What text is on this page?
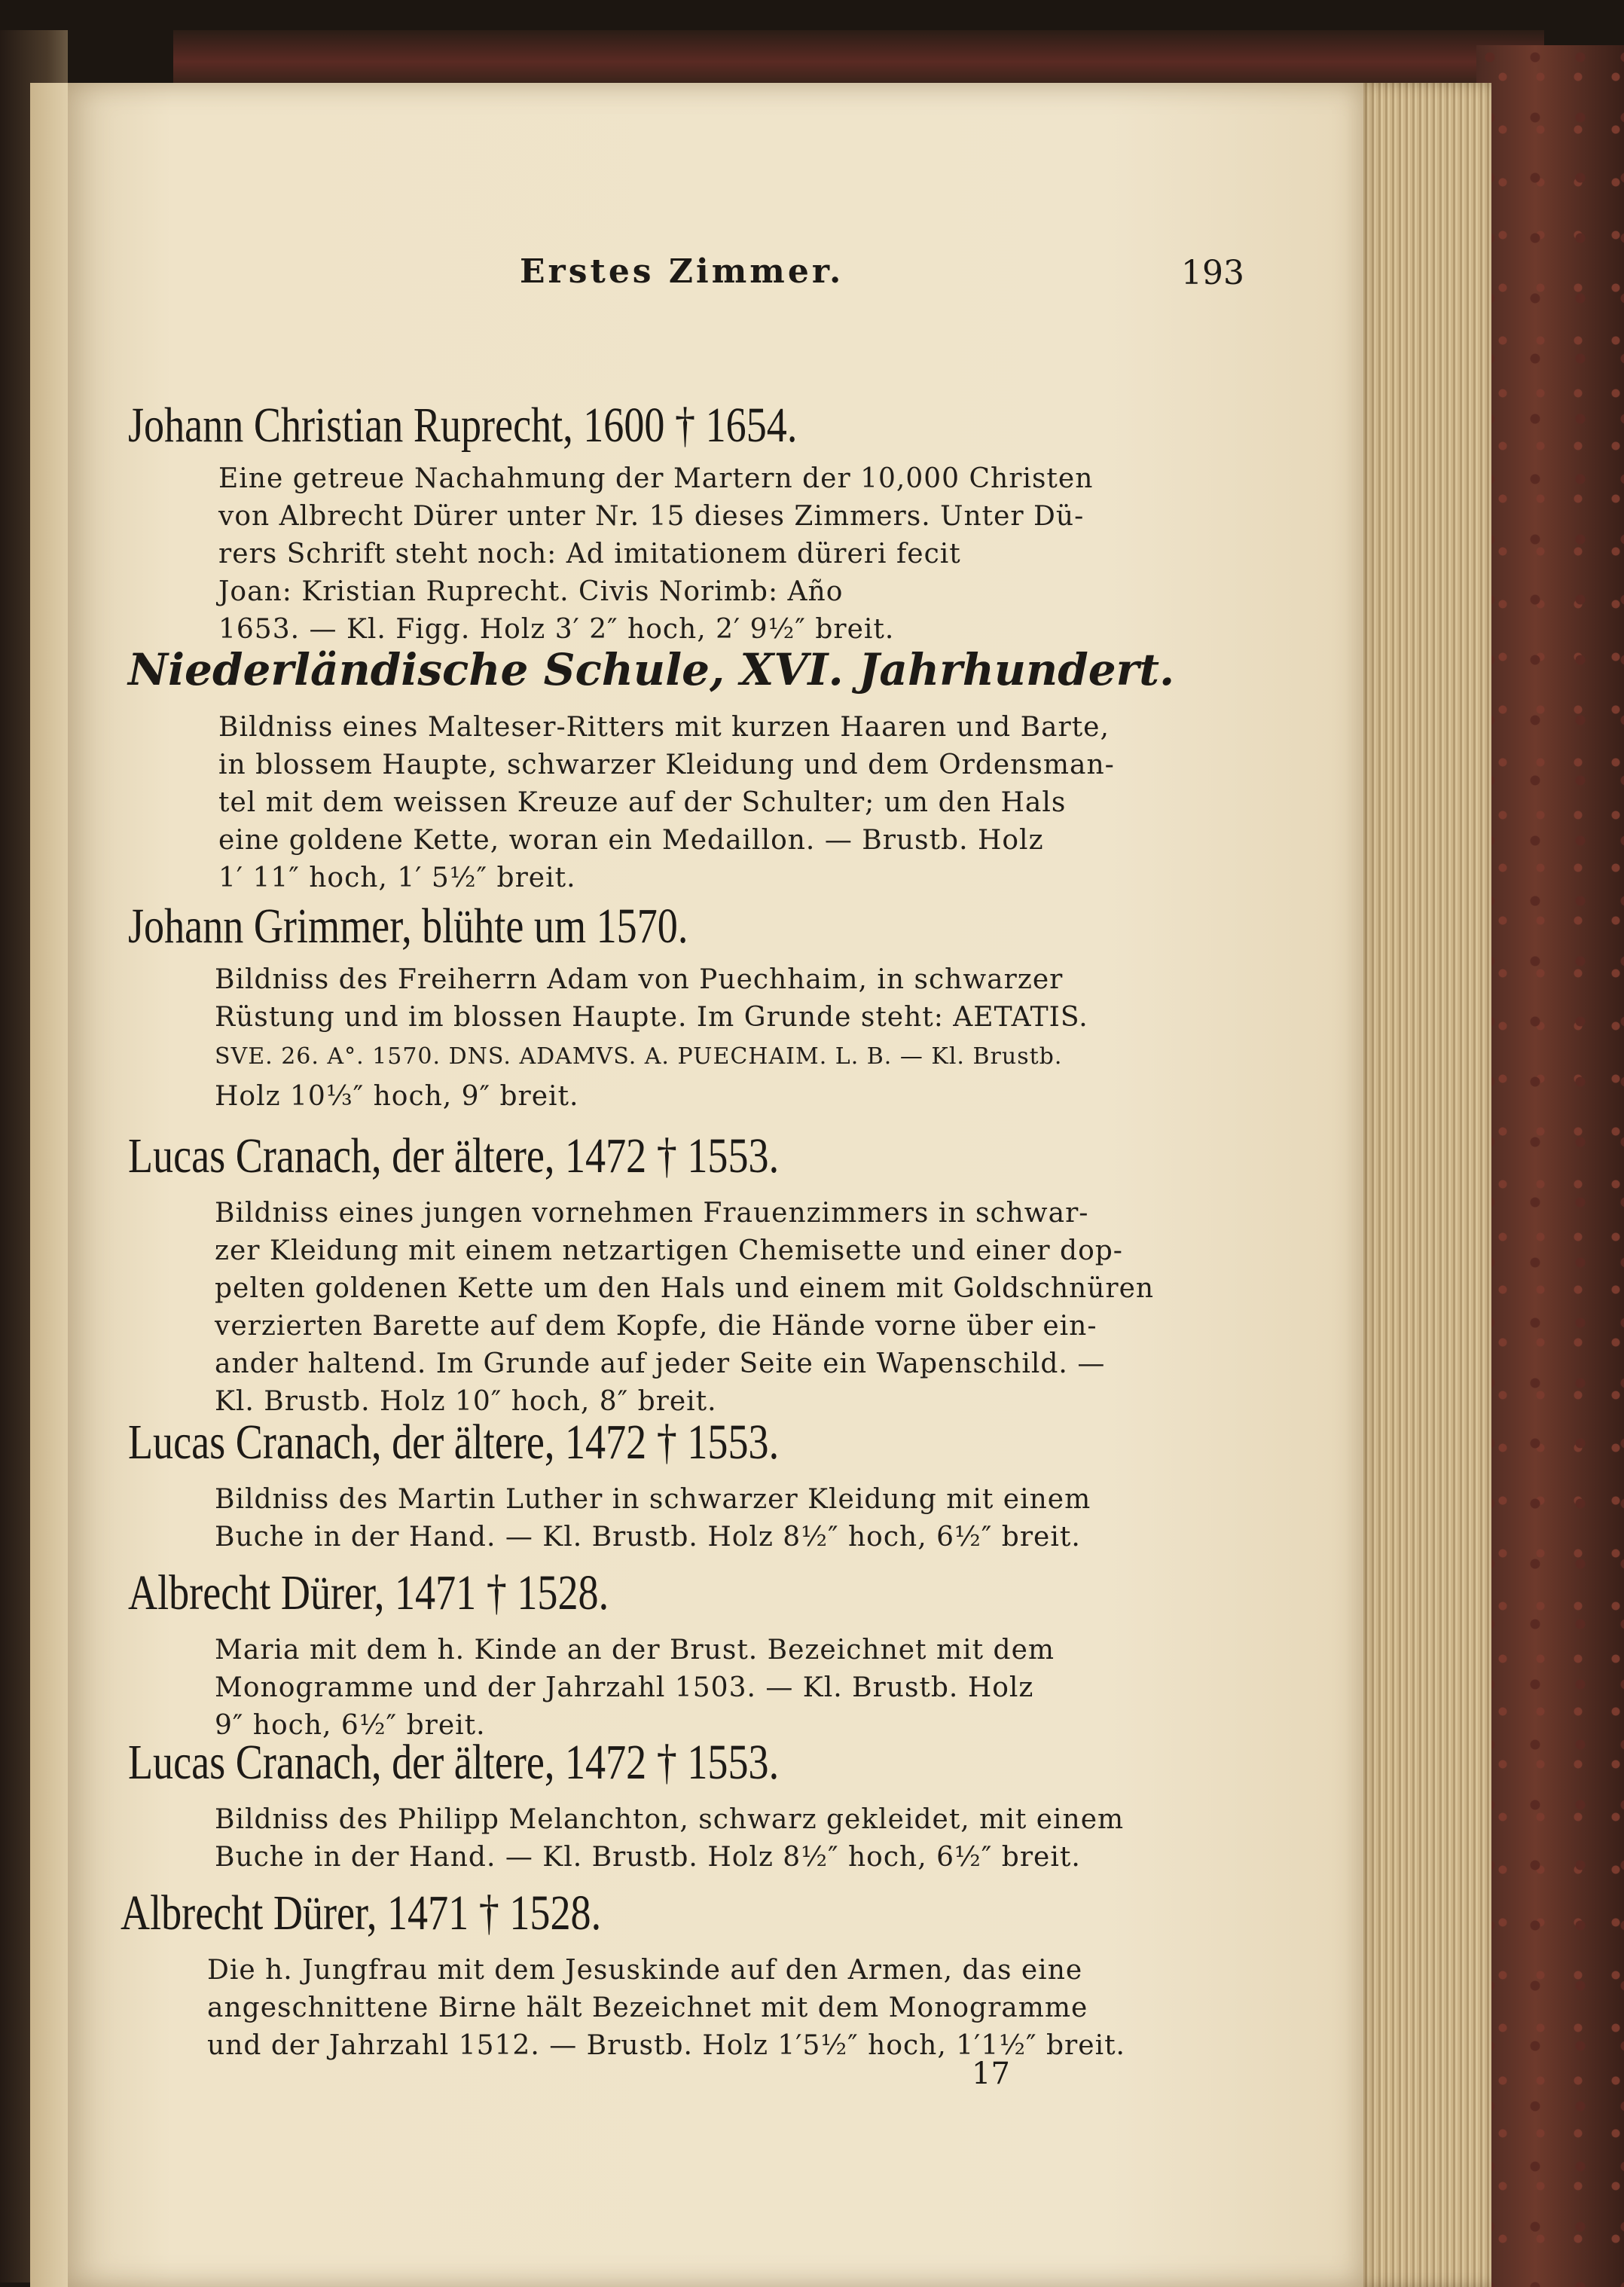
Erstes Zimmer.	193
Johann Christian Ruprecht, 1600 † 1654.
Eine getreue Nachahmung der Martern der 10,000 Christen
von Albrecht Dürer unter Nr. 15 dieses Zimmers. Unter Dü-
rers Schrift steht noch: Ad imitationem düreri fecit
Joan: Kristian Ruprecht. Civis Norimb: Año
1653. — Kl. Figg. Holz 3′ 2″ hoch, 2′ 9½″ breit.
Niederländische Schule, XVI. Jahrhundert.
Bildniss eines Malteser-Ritters mit kurzen Haaren und Barte,
in blossem Haupte, schwarzer Kleidung und dem Ordensman-
tel mit dem weissen Kreuze auf der Schulter; um den Hals
eine goldene Kette, woran ein Medaillon. — Brustb. Holz
1′ 11″ hoch, 1′ 5½″ breit.
Johann Grimmer, blühte um 1570.
Bildniss des Freiherrn Adam von Puechhaim, in schwarzer
Rüstung und im blossen Haupte. Im Grunde steht: AETATIS.
SVE. 26. A°. 1570. DNS. ADAMVS. A. PUECHAIM. L. B. — Kl. Brustb.
Holz 10⅓″ hoch, 9″ breit.
Lucas Cranach, der ältere, 1472 † 1553.
Bildniss eines jungen vornehmen Frauenzimmers in schwar-
zer Kleidung mit einem netzartigen Chemisette und einer dop-
pelten goldenen Kette um den Hals und einem mit Goldschnüren
verzierten Barette auf dem Kopfe, die Hände vorne über ein-
ander haltend. Im Grunde auf jeder Seite ein Wapenschild. —
Kl. Brustb. Holz 10″ hoch, 8″ breit.
Lucas Cranach, der ältere, 1472 † 1553.
Bildniss des Martin Luther in schwarzer Kleidung mit einem
Buche in der Hand. — Kl. Brustb. Holz 8½″ hoch, 6½″ breit.
Albrecht Dürer, 1471 † 1528.
Maria mit dem h. Kinde an der Brust. Bezeichnet mit dem
Monogramme und der Jahrzahl 1503. — Kl. Brustb. Holz
9″ hoch, 6½″ breit.
Lucas Cranach, der ältere, 1472 † 1553.
Bildniss des Philipp Melanchton, schwarz gekleidet, mit einem
Buche in der Hand. — Kl. Brustb. Holz 8½″ hoch, 6½″ breit.
Albrecht Dürer, 1471 † 1528.
Die h. Jungfrau mit dem Jesuskinde auf den Armen, das eine
angeschnittene Birne hält Bezeichnet mit dem Monogramme
und der Jahrzahl 1512. — Brustb. Holz 1′5½″ hoch, 1′1½″ breit.
17
